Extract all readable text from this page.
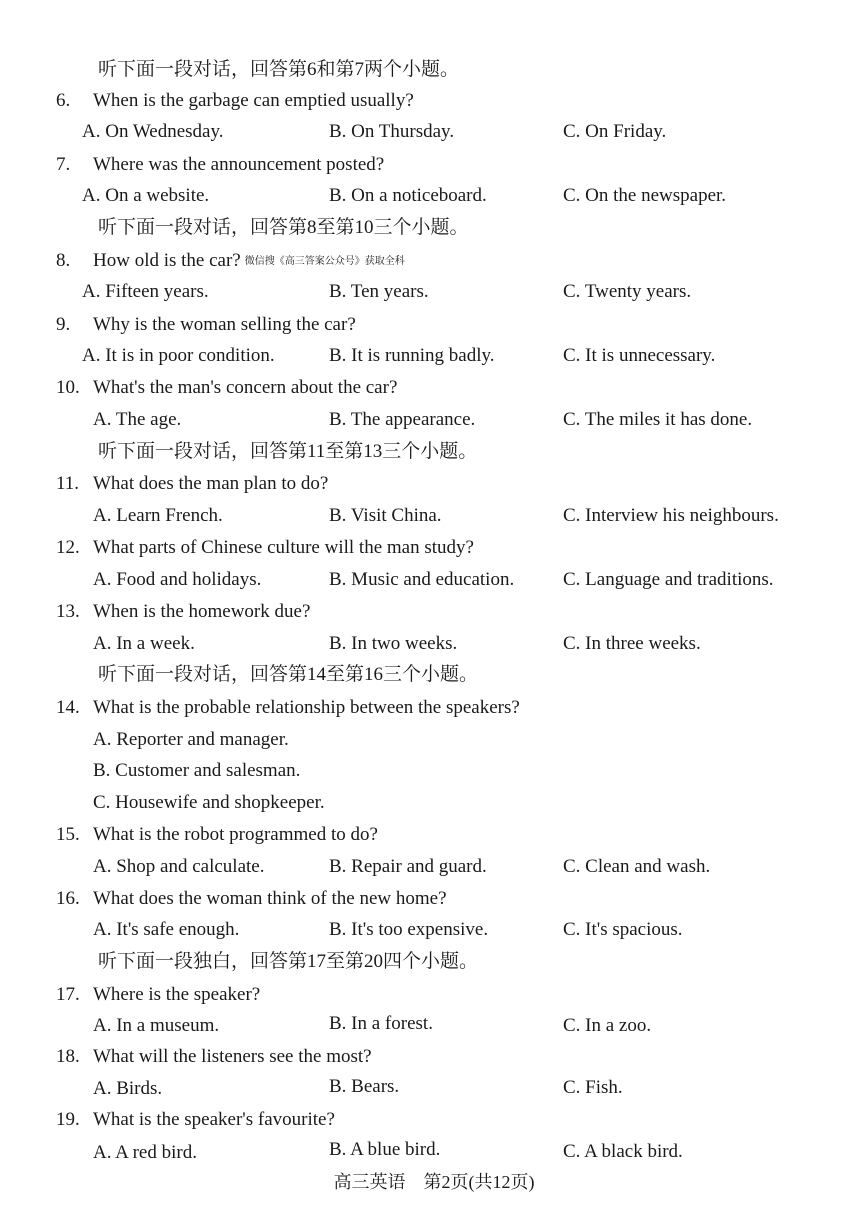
听下面一段对话，回答第6和第7两个小题。
6. When is the garbage can emptied usually?
A. On Wednesday.	B. On Thursday.	C. On Friday.
7. Where was the announcement posted?
A. On a website.	B. On a noticeboard.	C. On the newspaper.
听下面一段对话，回答第8至第10三个小题。
8. How old is the car? 微信搜《高三答案公众号》获取全科
A. Fifteen years.	B. Ten years.	C. Twenty years.
9. Why is the woman selling the car?
A. It is in poor condition.	B. It is running badly.	C. It is unnecessary.
10. What's the man's concern about the car?
A. The age.	B. The appearance.	C. The miles it has done.
听下面一段对话，回答第11至第13三个小题。
11. What does the man plan to do?
A. Learn French.	B. Visit China.	C. Interview his neighbours.
12. What parts of Chinese culture will the man study?
A. Food and holidays.	B. Music and education.	C. Language and traditions.
13. When is the homework due?
A. In a week.	B. In two weeks.	C. In three weeks.
听下面一段对话，回答第14至第16三个小题。
14. What is the probable relationship between the speakers?
A. Reporter and manager.
B. Customer and salesman.
C. Housewife and shopkeeper.
15. What is the robot programmed to do?
A. Shop and calculate.	B. Repair and guard.	C. Clean and wash.
16. What does the woman think of the new home?
A. It's safe enough.	B. It's too expensive.	C. It's spacious.
听下面一段独白，回答第17至第20四个小题。
17. Where is the speaker?
A. In a museum.	B. In a forest.	C. In a zoo.
18. What will the listeners see the most?
A. Birds.	B. Bears.	C. Fish.
19. What is the speaker's favourite?
A. A red bird.	B. A blue bird.	C. A black bird.
高三英语　第2页(共12页)
